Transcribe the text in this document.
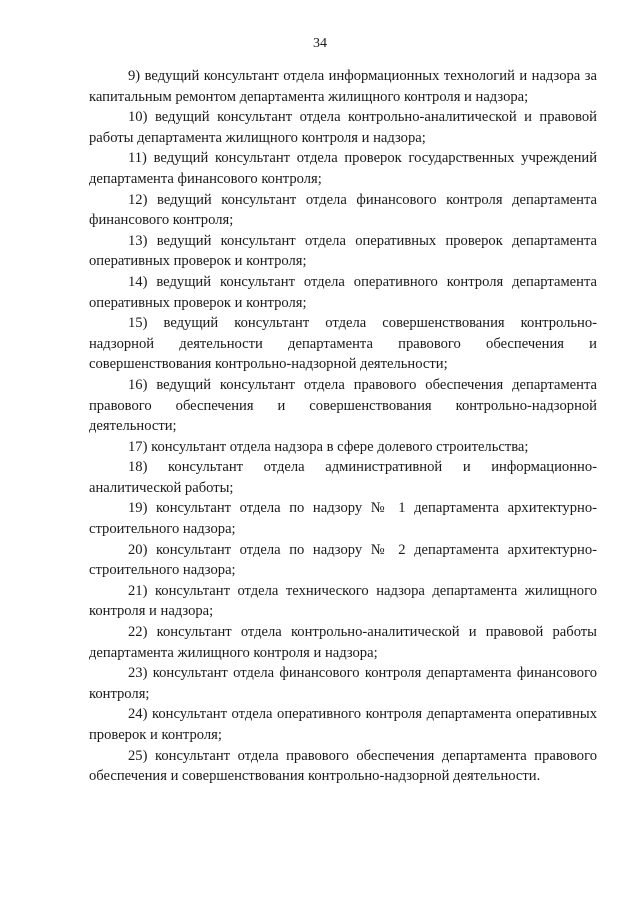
34

9) ведущий консультант отдела информационных технологий и надзора за капитальным ремонтом департамента жилищного контроля и надзора;

10) ведущий консультант отдела контрольно-аналитической и правовой работы департамента жилищного контроля и надзора;

11) ведущий консультант отдела проверок государственных учреждений департамента финансового контроля;

12) ведущий консультант отдела финансового контроля департамента финансового контроля;

13) ведущий консультант отдела оперативных проверок департамента оперативных проверок и контроля;

14) ведущий консультант отдела оперативного контроля департамента оперативных проверок и контроля;

15) ведущий консультант отдела совершенствования контрольно-надзорной деятельности департамента правового обеспечения и совершенствования контрольно-надзорной деятельности;

16) ведущий консультант отдела правового обеспечения департамента правового обеспечения и совершенствования контрольно-надзорной деятельности;

17) консультант отдела надзора в сфере долевого строительства;

18) консультант отдела административной и информационно-аналитической работы;

19) консультант отдела по надзору № 1 департамента архитектурно-строительного надзора;

20) консультант отдела по надзору № 2 департамента архитектурно-строительного надзора;

21) консультант отдела технического надзора департамента жилищного контроля и надзора;

22) консультант отдела контрольно-аналитической и правовой работы департамента жилищного контроля и надзора;

23) консультант отдела финансового контроля департамента финансового контроля;

24) консультант отдела оперативного контроля департамента оперативных проверок и контроля;

25) консультант отдела правового обеспечения департамента правового обеспечения и совершенствования контрольно-надзорной деятельности.
